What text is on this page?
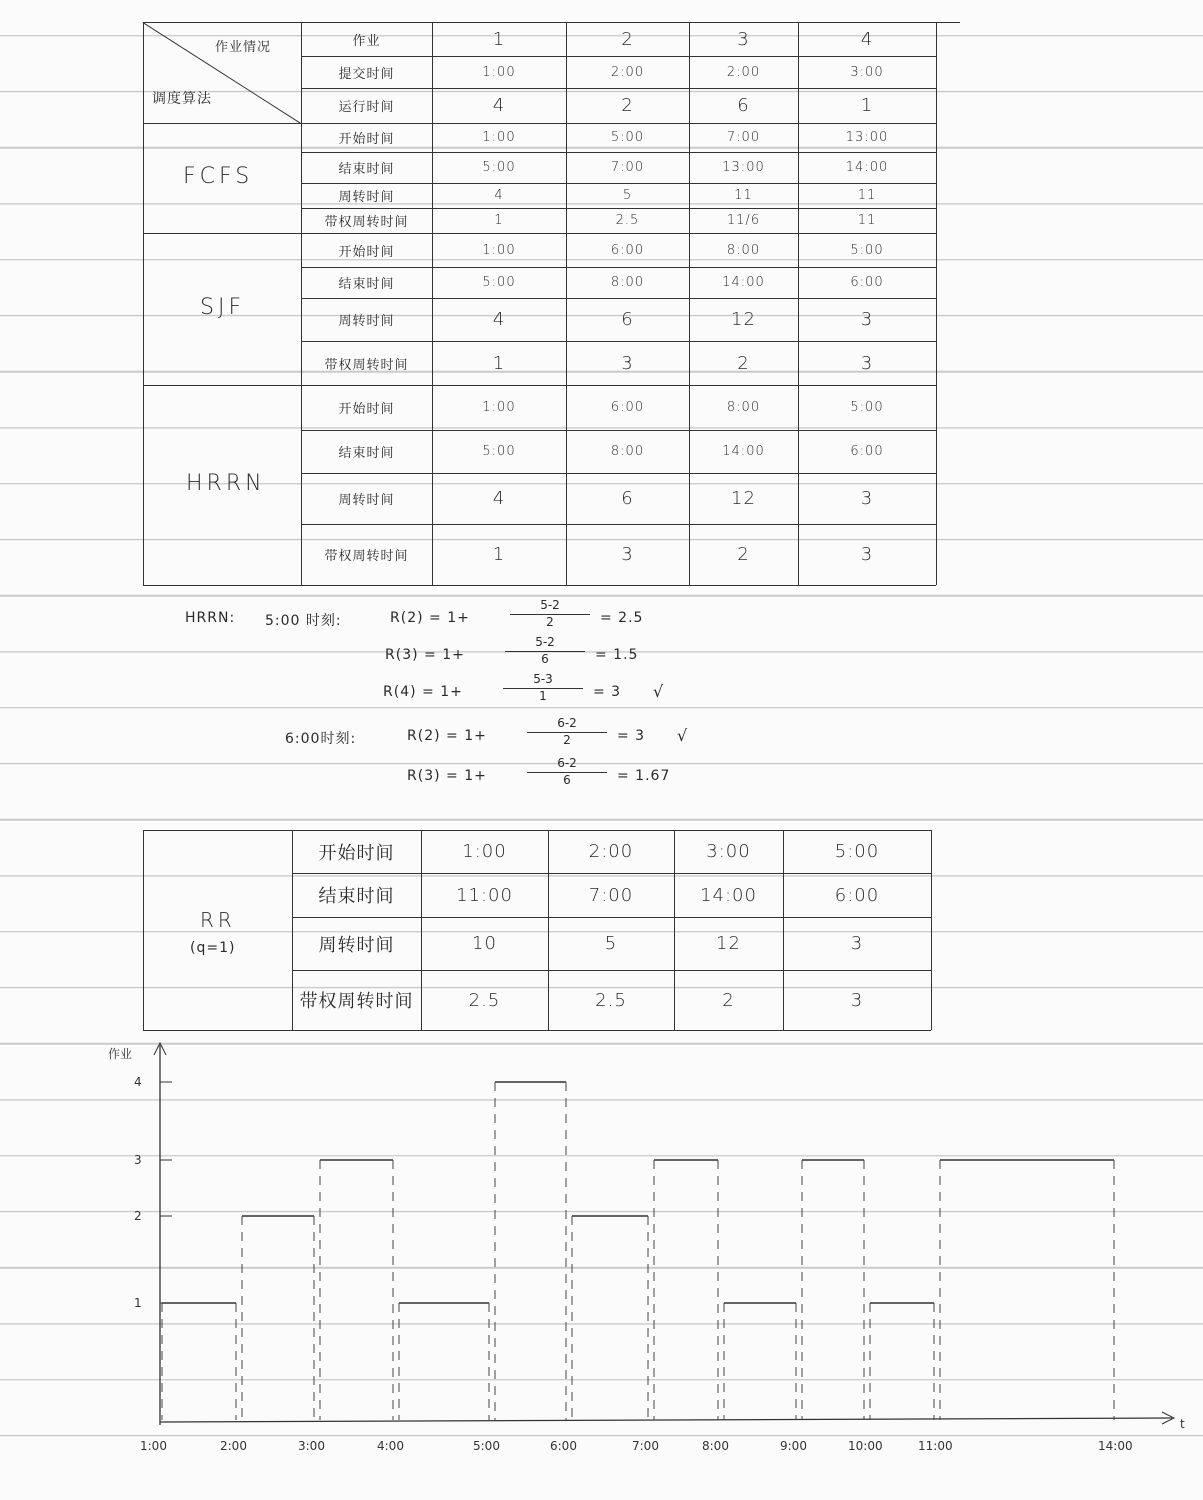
作业情况
调度算法
作业	1	2	3	4
提交时间	1:00	2:00	2:00	3:00
运行时间	4	2	6	1
FCFS
开始时间	1:00	5:00	7:00	13:00
结束时间	5:00	7:00	13:00	14:00
周转时间	4	5	11	11
带权周转时间	1	2.5	11/6	11
SJF
开始时间	1:00	6:00	8:00	5:00
结束时间	5:00	8:00	14:00	6:00
周转时间	4	6	12	3
带权周转时间	1	3	2	3
HRRN
开始时间	1:00	6:00	8:00	5:00
结束时间	5:00	8:00	14:00	6:00
周转时间	4	6	12	3
带权周转时间	1	3	2	3
HRRN: 5:00 时刻:
6:00时刻:
R(2) = 1+	$\frac{5-2}{2} = 2.5$
R(3) = 1+	$\frac{5-2}{6} = 1.5$
R(4) = 1+	$\frac{5-3}{1} = 3$ √
R(2) = 1+	$\frac{6-2}{2} = 3$ √
R(3) = 1+	$\frac{6-2}{6} = 1.67$
RR
(q=1)
开始时间	1:00	2:00	3:00	5:00
结束时间	11:00	7:00	14:00	6:00
周转时间	10	5	12	3
带权周转时间	2.5	2.5	2	3
作业
t
1
2
3
4
1:00	2:00	3:00	4:00	5:00	6:00	7:00	8:00	9:00	10:00	11:00	14:00
